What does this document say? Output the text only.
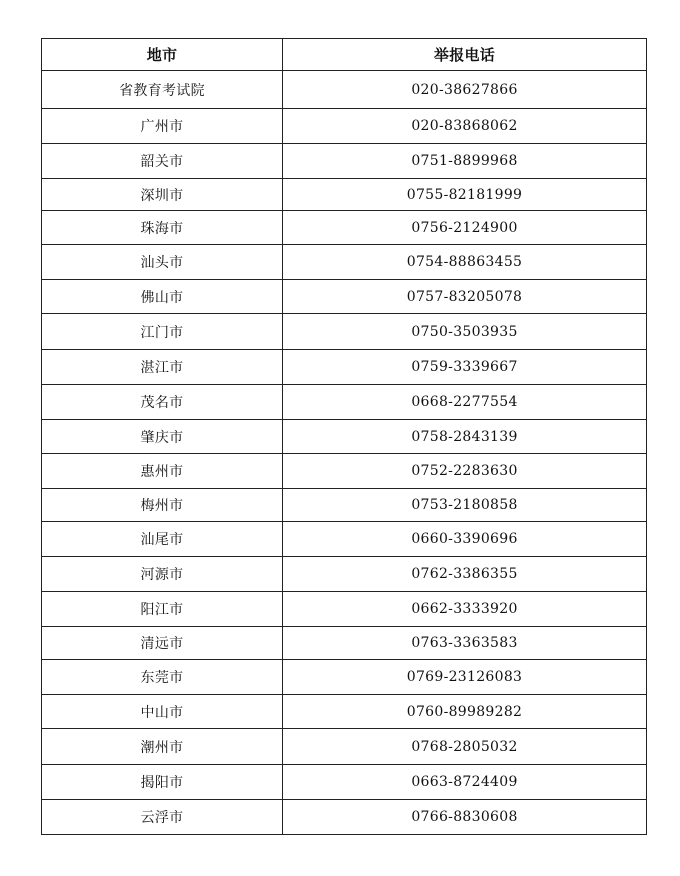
地市	举报电话
省教育考试院	020-38627866
广州市	020-83868062
韶关市	0751-8899968
深圳市	0755-82181999
珠海市	0756-2124900
汕头市	0754-88863455
佛山市	0757-83205078
江门市	0750-3503935
湛江市	0759-3339667
茂名市	0668-2277554
肇庆市	0758-2843139
惠州市	0752-2283630
梅州市	0753-2180858
汕尾市	0660-3390696
河源市	0762-3386355
阳江市	0662-3333920
清远市	0763-3363583
东莞市	0769-23126083
中山市	0760-89989282
潮州市	0768-2805032
揭阳市	0663-8724409
云浮市	0766-8830608
